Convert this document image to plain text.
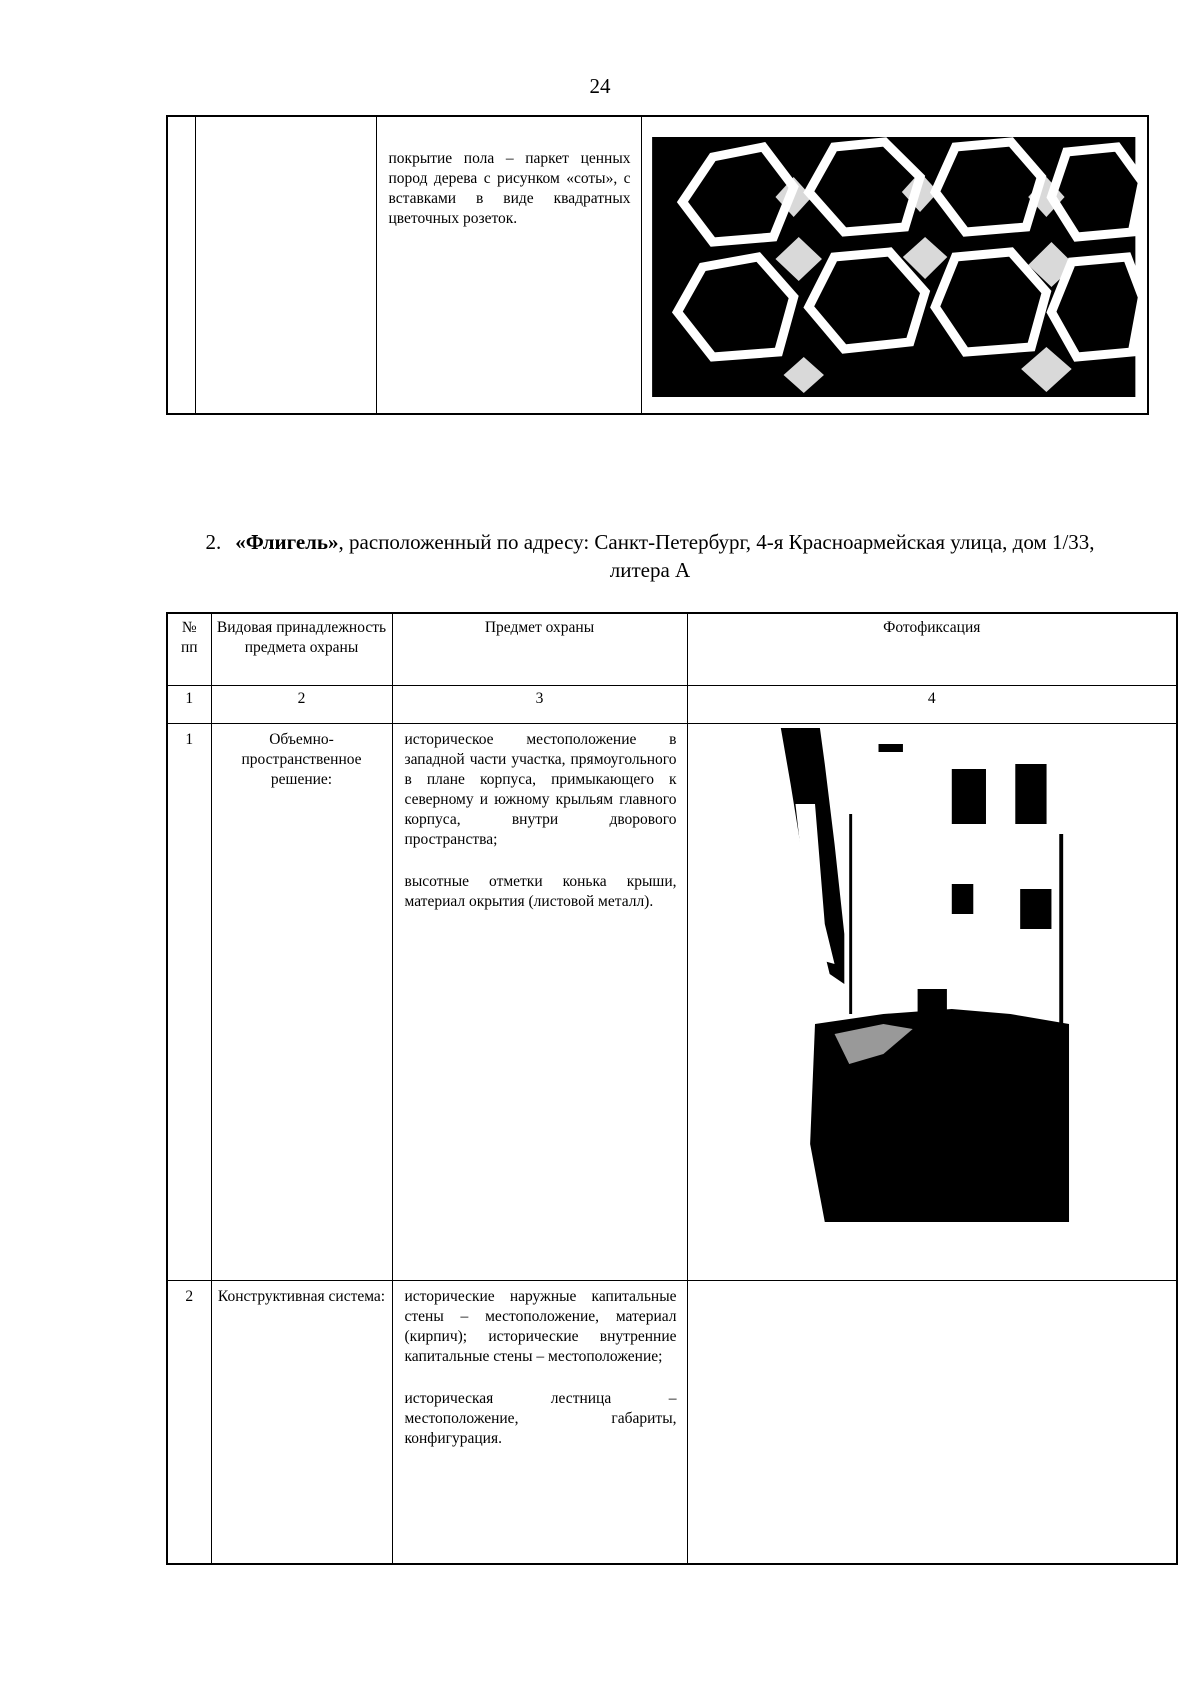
24
		покрытие пола – паркет ценных пород дерева с рисунком «соты», с вставками в виде квадратных цветочных розеток.	
2. «Флигель», расположенный по адресу: Санкт-Петербург, 4-я Красноармейская улица, дом 1/33, литера А
№ пп	Видовая принадлежность предмета охраны	Предмет охраны	Фотофиксация
1	2	3	4
1	Объемно-пространственное решение:	историческое местоположение в западной части участка, прямоугольного в плане корпуса, примыкающего к северному и южному крыльям главного корпуса, внутри дворового пространства;

высотные отметки конька крыши, материал окрытия (листовой металл).

2	Конструктивная система:	исторические наружные капитальные стены – местоположение, материал (кирпич); исторические внутренние капитальные стены – местоположение;

историческая лестница – местоположение, габариты, конфигурация.	
